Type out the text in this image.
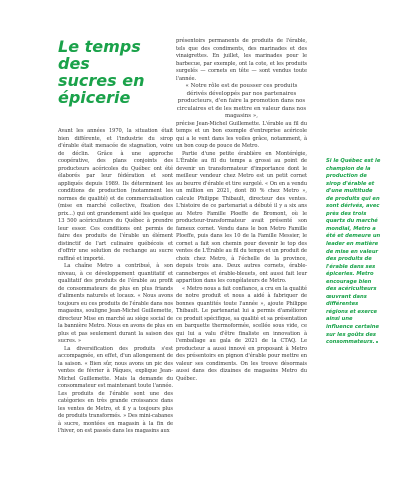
Le temps des sucres en épicerie

Avant les années 1970, la situation était bien différente, et l'industrie du sirop d'érable était menacée de stagnation, voire de déclin. Grâce à une approche coopérative, des plans conjoints des producteurs acéricoles du Québec ont été élaborés par leur fédération et sont appliqués depuis 1989. Ils déterminent les conditions de production (notamment les normes de qualité) et de commercialisation (mise en marché collective, fixation des prix...) qui ont grandement aidé les quelque 13 500 acériculteurs du Québec à prendre leur essor. Ces conditions ont permis de faire des produits de l'érable un élément distinctif de l'art culinaire québécois et d'offrir une solution de rechange au sucre raffiné et importé.

La chaîne Metro a contribué, à son niveau, à ce développement quantitatif et qualitatif des produits de l'érable au profit de consommateurs de plus en plus friands d'aliments naturels et locaux. « Nous avons toujours eu ces produits de l'érable dans nos magasins, souligne Jean-Michel Guillemette, directeur Mise en marché au siège social de la bannière Metro. Nous en avons de plus en plus et pas seulement durant la saison des sucres. »

La diversification des produits s'est accompagnée, en effet, d'un allongement de la saison. « Bien sûr, nous avons un pic des ventes de février à Pâques, explique Jean-Michel Guillemette. Mais la demande du consommateur est maintenant toute l'année. Les produits de l'érable sont une des catégories en très grande croissance dans les ventes de Metro, et il y a toujours plus de produits transformés. » Des mini-cabanes à sucre, montées en magasin à la fin de l'hiver, on est passés dans les magasins aux

présentoirs permanents de produits de l'érable, tels que des condiments, des marinades et des vinaigrettes. En juillet, les marinades pour le barbecue, par exemple, ont la cote, et les produits surgelés — cornets en tête — sont vendus toute l'année.

« Notre rôle est de pousser ces produits dérivés développés par nos partenaires producteurs, d'en faire la promotion dans nos circulaires et de les mettre en valeur dans nos magasins »,

précise Jean-Michel Guillemette. L'érable au fil du temps et un bon exemple d'entreprise acéricole qui a le vent dans les voiles grâce, notamment, à un bon coup de pouce de Metro.

Partie d'une petite érablière en Montérégie, L'Érable au fil du temps a grossi au point de devenir un transformateur d'importance dont le meilleur vendeur chez Metro est un petit cornet au beurre d'érable et tire surgelé. « On en a vendu un million en 2021, dont 80 % chez Metro », calcule Philippe Thibault, directeur des ventes. L'histoire de ce partenariat a débuté il y a six ans au Metro Famille Ploeffe de Bromont, où le producteur-transformateur avait présenté son fameux cornet. Vendu dans le bon Metro Famille Ploeffe, puis dans les 10 de la Famille Messier, le cornet a fait son chemin pour devenir le top des ventes de L'Érable au fil du temps et un produit de choix chez Metro, à l'échelle de la province, depuis trois ans. Deux autres cornets, érable-canneberges et érable-bleuets, ont aussi fait leur apparition dans les congélateurs de Metro.

« Metro nous a fait confiance, a cru en la qualité de notre produit et nous a aidé à fabriquer de bonnes quantités toute l'année », ajoute Philippe Thibault. Le partenariat lui a permis d'améliorer ce produit spécifique, sa qualité et sa présentation en barquette thermoformée, scellée sous vide, ce qui lui a valu d'être finaliste en innovation à l'emballage au gala de 2021 de la CTAQ. Le producteur a aussi innové en proposant à Metro des présentoirs en pignon d'érable pour mettre en valeur ses condiments. On les trouve désormais aussi dans des dizaines de magasins Metro du Québec.

Si le Québec est le champion de la production de sirop d'érable et d'une multitude de produits qui en sont dérivés, avec près des trois quarts du marché mondial, Metro a été et demeure un leader en matière de mise en valeur des produits de l'érable dans ses épiceries. Metro encourage bien des acériculteurs œuvrant dans différentes régions et exerce ainsi une influence certaine sur les goûts des consommateurs.
